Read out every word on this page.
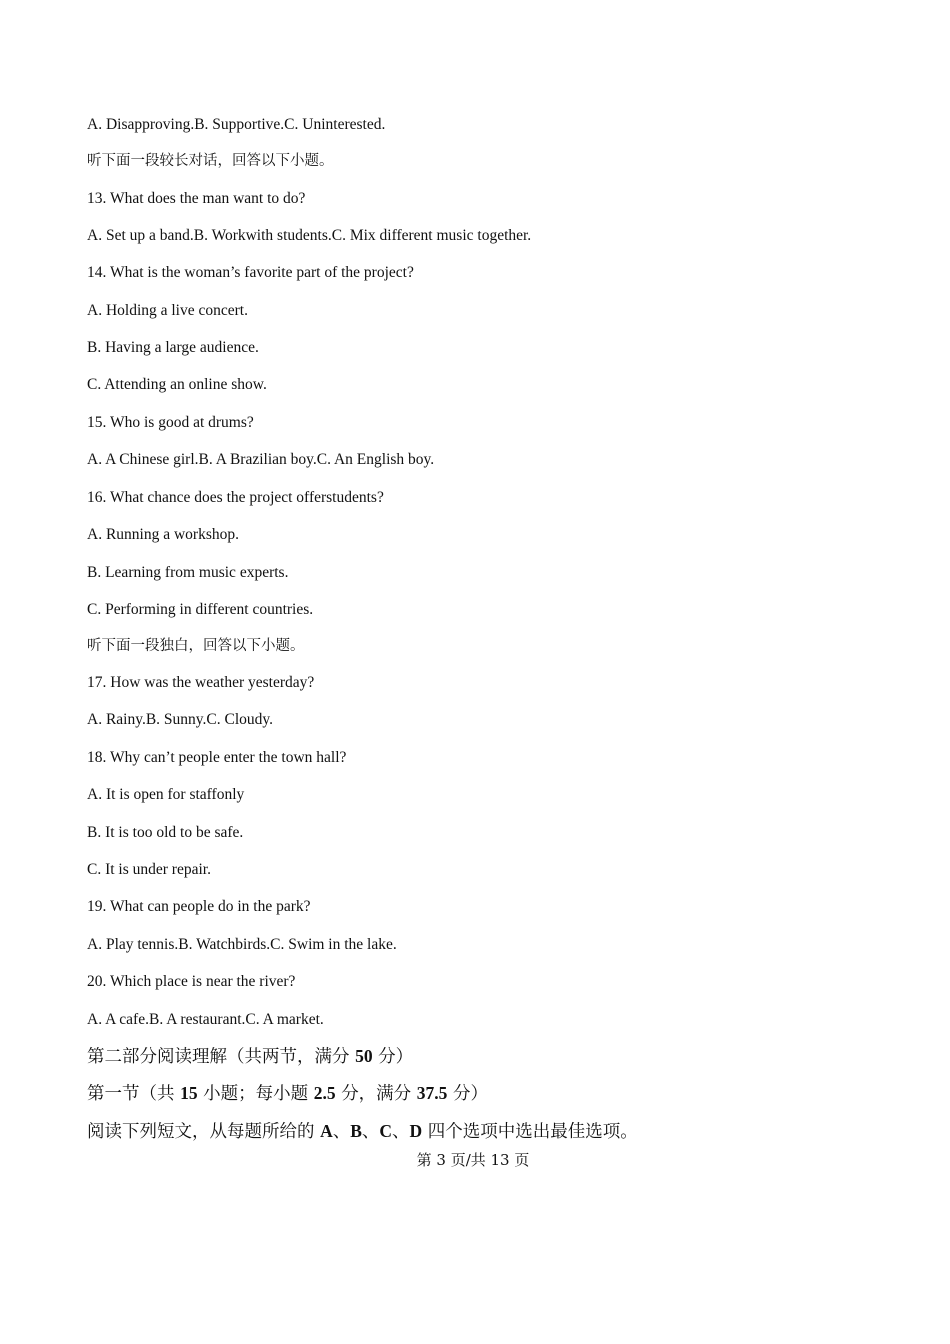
A. Disapproving.B. Supportive.C. Uninterested.

听下面一段较长对话，回答以下小题。

13. What does the man want to do?

A. Set up a band.B. Workwith students.C. Mix different music together.

14. What is the woman’s favorite part of the project?

A. Holding a live concert.

B. Having a large audience.

C. Attending an online show.

15. Who is good at drums?

A. A Chinese girl.B. A Brazilian boy.C. An English boy.

16. What chance does the project offerstudents?

A. Running a workshop.

B. Learning from music experts.

C. Performing in different countries.

听下面一段独白，回答以下小题。

17. How was the weather yesterday?

A. Rainy.B. Sunny.C. Cloudy.

18. Why can’t people enter the town hall?

A. It is open for staffonly

B. It is too old to be safe.

C. It is under repair.

19. What can people do in the park?

A. Play tennis.B. Watchbirds.C. Swim in the lake.

20. Which place is near the river?

A. A cafe.B. A restaurant.C. A market.

第二部分阅读理解（共两节，满分 50 分）

第一节（共 15 小题；每小题 2.5 分，满分 37.5 分）

阅读下列短文，从每题所给的 A、B、C、D 四个选项中选出最佳选项。

第 3 页/共 13 页
